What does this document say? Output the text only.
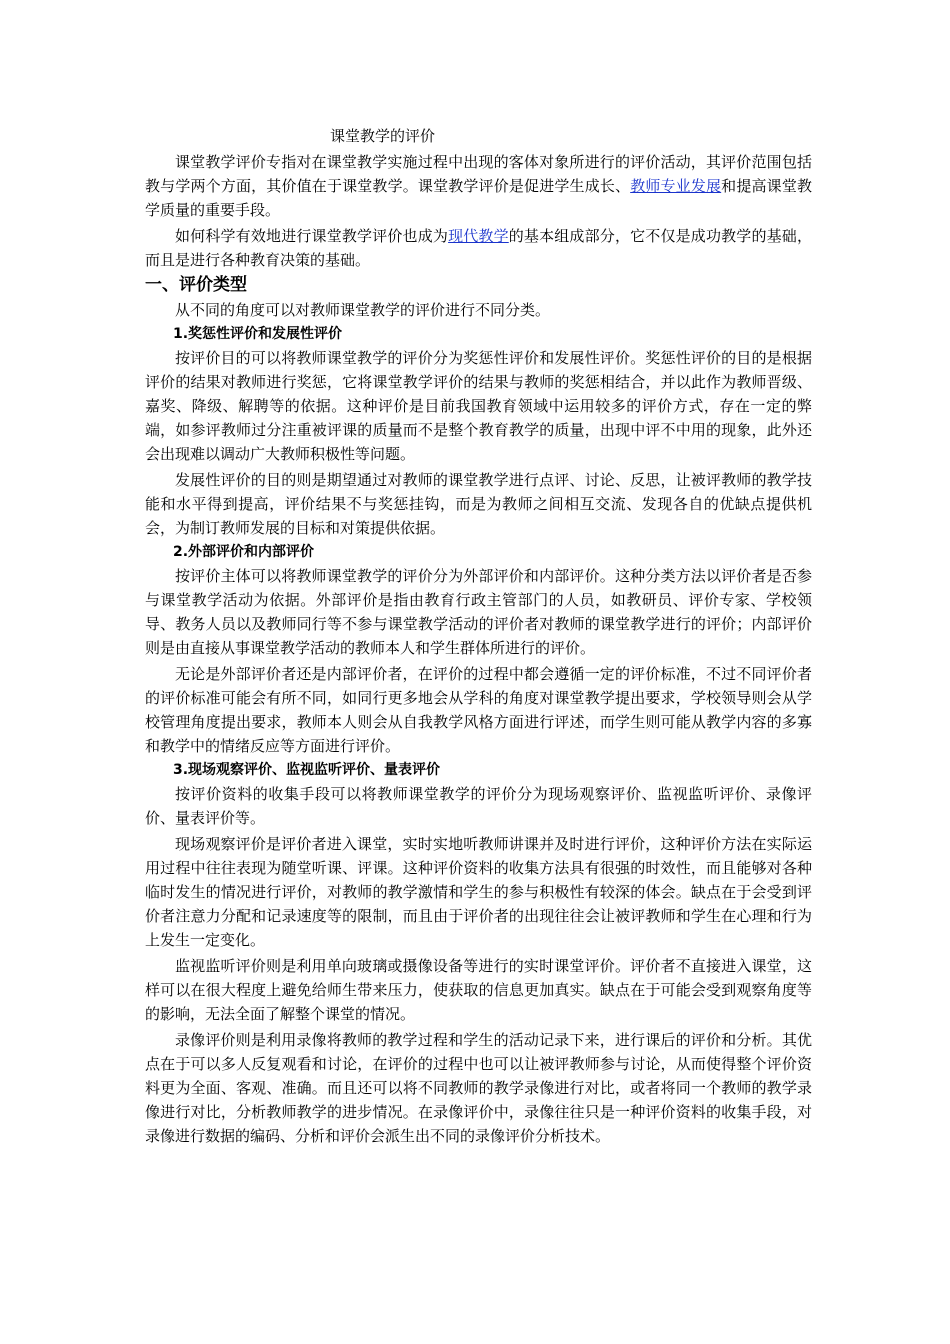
课堂教学的评价

课堂教学评价专指对在课堂教学实施过程中出现的客体对象所进行的评价活动，其评价范围包括教与学两个方面，其价值在于课堂教学。课堂教学评价是促进学生成长、教师专业发展和提高课堂教学质量的重要手段。

如何科学有效地进行课堂教学评价也成为现代教学的基本组成部分，它不仅是成功教学的基础，而且是进行各种教育决策的基础。

一、评价类型

从不同的角度可以对教师课堂教学的评价进行不同分类。

1.奖惩性评价和发展性评价

按评价目的可以将教师课堂教学的评价分为奖惩性评价和发展性评价。奖惩性评价的目的是根据评价的结果对教师进行奖惩，它将课堂教学评价的结果与教师的奖惩相结合，并以此作为教师晋级、嘉奖、降级、解聘等的依据。这种评价是目前我国教育领域中运用较多的评价方式，存在一定的弊端，如参评教师过分注重被评课的质量而不是整个教育教学的质量，出现中评不中用的现象，此外还会出现难以调动广大教师积极性等问题。

发展性评价的目的则是期望通过对教师的课堂教学进行点评、讨论、反思，让被评教师的教学技能和水平得到提高，评价结果不与奖惩挂钩，而是为教师之间相互交流、发现各自的优缺点提供机会，为制订教师发展的目标和对策提供依据。

2.外部评价和内部评价

按评价主体可以将教师课堂教学的评价分为外部评价和内部评价。这种分类方法以评价者是否参与课堂教学活动为依据。外部评价是指由教育行政主管部门的人员，如教研员、评价专家、学校领导、教务人员以及教师同行等不参与课堂教学活动的评价者对教师的课堂教学进行的评价；内部评价则是由直接从事课堂教学活动的教师本人和学生群体所进行的评价。

无论是外部评价者还是内部评价者，在评价的过程中都会遵循一定的评价标准，不过不同评价者的评价标准可能会有所不同，如同行更多地会从学科的角度对课堂教学提出要求，学校领导则会从学校管理角度提出要求，教师本人则会从自我教学风格方面进行评述，而学生则可能从教学内容的多寡和教学中的情绪反应等方面进行评价。

3.现场观察评价、监视监听评价、量表评价

按评价资料的收集手段可以将教师课堂教学的评价分为现场观察评价、监视监听评价、录像评价、量表评价等。

现场观察评价是评价者进入课堂，实时实地听教师讲课并及时进行评价，这种评价方法在实际运用过程中往往表现为随堂听课、评课。这种评价资料的收集方法具有很强的时效性，而且能够对各种临时发生的情况进行评价，对教师的教学激情和学生的参与积极性有较深的体会。缺点在于会受到评价者注意力分配和记录速度等的限制，而且由于评价者的出现往往会让被评教师和学生在心理和行为上发生一定变化。

监视监听评价则是利用单向玻璃或摄像设备等进行的实时课堂评价。评价者不直接进入课堂，这样可以在很大程度上避免给师生带来压力，使获取的信息更加真实。缺点在于可能会受到观察角度等的影响，无法全面了解整个课堂的情况。

录像评价则是利用录像将教师的教学过程和学生的活动记录下来，进行课后的评价和分析。其优点在于可以多人反复观看和讨论，在评价的过程中也可以让被评教师参与讨论，从而使得整个评价资料更为全面、客观、准确。而且还可以将不同教师的教学录像进行对比，或者将同一个教师的教学录像进行对比，分析教师教学的进步情况。在录像评价中，录像往往只是一种评价资料的收集手段，对录像进行数据的编码、分析和评价会派生出不同的录像评价分析技术。
